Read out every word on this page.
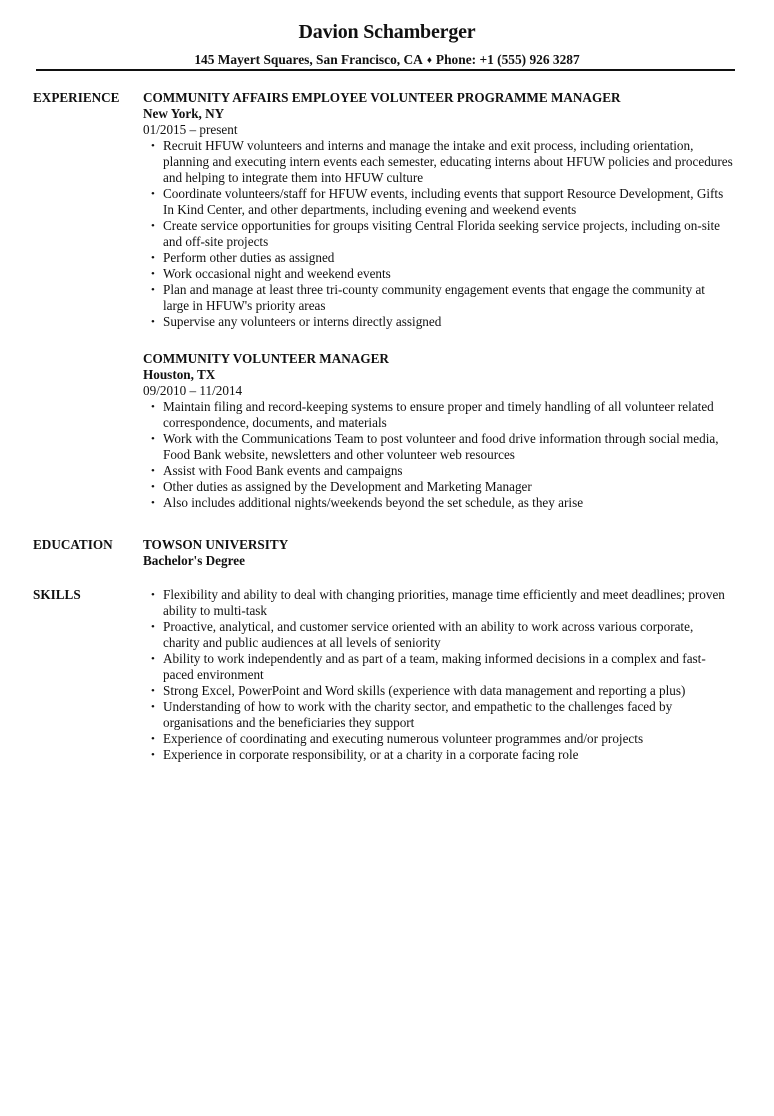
Davion Schamberger
145 Mayert Squares, San Francisco, CA ♦ Phone: +1 (555) 926 3287
EXPERIENCE COMMUNITY AFFAIRS EMPLOYEE VOLUNTEER PROGRAMME MANAGER
New York, NY
01/2015 – present
• Recruit HFUW volunteers and interns and manage the intake and exit process, including orientation, planning and executing intern events each semester, educating interns about HFUW policies and procedures and helping to integrate them into HFUW culture
• Coordinate volunteers/staff for HFUW events, including events that support Resource Development, Gifts In Kind Center, and other departments, including evening and weekend events
• Create service opportunities for groups visiting Central Florida seeking service projects, including on-site and off-site projects
• Perform other duties as assigned
• Work occasional night and weekend events
• Plan and manage at least three tri-county community engagement events that engage the community at large in HFUW's priority areas
• Supervise any volunteers or interns directly assigned
COMMUNITY VOLUNTEER MANAGER
Houston, TX
09/2010 – 11/2014
• Maintain filing and record-keeping systems to ensure proper and timely handling of all volunteer related correspondence, documents, and materials
• Work with the Communications Team to post volunteer and food drive information through social media, Food Bank website, newsletters and other volunteer web resources
• Assist with Food Bank events and campaigns
• Other duties as assigned by the Development and Marketing Manager
• Also includes additional nights/weekends beyond the set schedule, as they arise
EDUCATION TOWSON UNIVERSITY
Bachelor's Degree
SKILLS	• Flexibility and ability to deal with changing priorities, manage time efficiently and meet deadlines; proven ability to multi-task
• Proactive, analytical, and customer service oriented with an ability to work across various corporate, charity and public audiences at all levels of seniority
• Ability to work independently and as part of a team, making informed decisions in a complex and fast-paced environment
• Strong Excel, PowerPoint and Word skills (experience with data management and reporting a plus)
• Understanding of how to work with the charity sector, and empathetic to the challenges faced by organisations and the beneficiaries they support
• Experience of coordinating and executing numerous volunteer programmes and/or projects
• Experience in corporate responsibility, or at a charity in a corporate facing role
